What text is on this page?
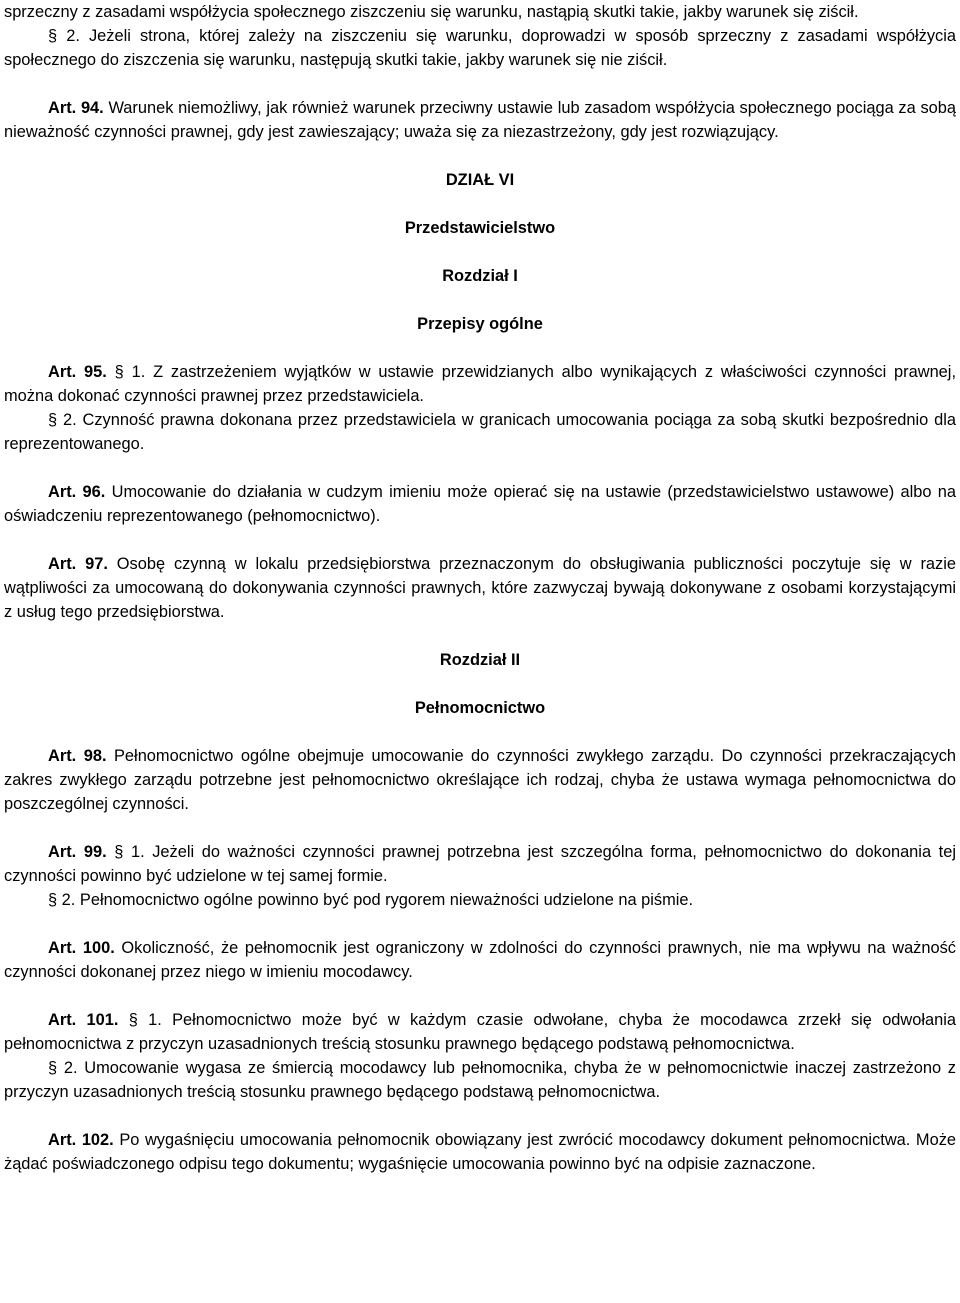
sprzeczny z zasadami współżycia społecznego ziszczeniu się warunku, nastąpią skutki takie, jakby warunek się ziścił.

§ 2. Jeżeli strona, której zależy na ziszczeniu się warunku, doprowadzi w sposób sprzeczny z zasadami współżycia społecznego do ziszczenia się warunku, następują skutki takie, jakby warunek się nie ziścił.

Art. 94. Warunek niemożliwy, jak również warunek przeciwny ustawie lub zasadom współżycia społecznego pociąga za sobą nieważność czynności prawnej, gdy jest zawieszający; uważa się za niezastrzeżony, gdy jest rozwiązujący.

DZIAŁ VI

Przedstawicielstwo

Rozdział I

Przepisy ogólne

Art. 95. § 1. Z zastrzeżeniem wyjątków w ustawie przewidzianych albo wynikających z właściwości czynności prawnej, można dokonać czynności prawnej przez przedstawiciela.

§ 2. Czynność prawna dokonana przez przedstawiciela w granicach umocowania pociąga za sobą skutki bezpośrednio dla reprezentowanego.

Art. 96. Umocowanie do działania w cudzym imieniu może opierać się na ustawie (przedstawicielstwo ustawowe) albo na oświadczeniu reprezentowanego (pełnomocnictwo).

Art. 97. Osobę czynną w lokalu przedsiębiorstwa przeznaczonym do obsługiwania publiczności poczytuje się w razie wątpliwości za umocowaną do dokonywania czynności prawnych, które zazwyczaj bywają dokonywane z osobami korzystającymi z usług tego przedsiębiorstwa.

Rozdział II

Pełnomocnictwo

Art. 98. Pełnomocnictwo ogólne obejmuje umocowanie do czynności zwykłego zarządu. Do czynności przekraczających zakres zwykłego zarządu potrzebne jest pełnomocnictwo określające ich rodzaj, chyba że ustawa wymaga pełnomocnictwa do poszczególnej czynności.

Art. 99. § 1. Jeżeli do ważności czynności prawnej potrzebna jest szczególna forma, pełnomocnictwo do dokonania tej czynności powinno być udzielone w tej samej formie.

§ 2. Pełnomocnictwo ogólne powinno być pod rygorem nieważności udzielone na piśmie.

Art. 100. Okoliczność, że pełnomocnik jest ograniczony w zdolności do czynności prawnych, nie ma wpływu na ważność czynności dokonanej przez niego w imieniu mocodawcy.

Art. 101. § 1. Pełnomocnictwo może być w każdym czasie odwołane, chyba że mocodawca zrzekł się odwołania pełnomocnictwa z przyczyn uzasadnionych treścią stosunku prawnego będącego podstawą pełnomocnictwa.

§ 2. Umocowanie wygasa ze śmiercią mocodawcy lub pełnomocnika, chyba że w pełnomocnictwie inaczej zastrzeżono z przyczyn uzasadnionych treścią stosunku prawnego będącego podstawą pełnomocnictwa.

Art. 102. Po wygaśnięciu umocowania pełnomocnik obowiązany jest zwrócić mocodawcy dokument pełnomocnictwa. Może żądać poświadczonego odpisu tego dokumentu; wygaśnięcie umocowania powinno być na odpisie zaznaczone.
